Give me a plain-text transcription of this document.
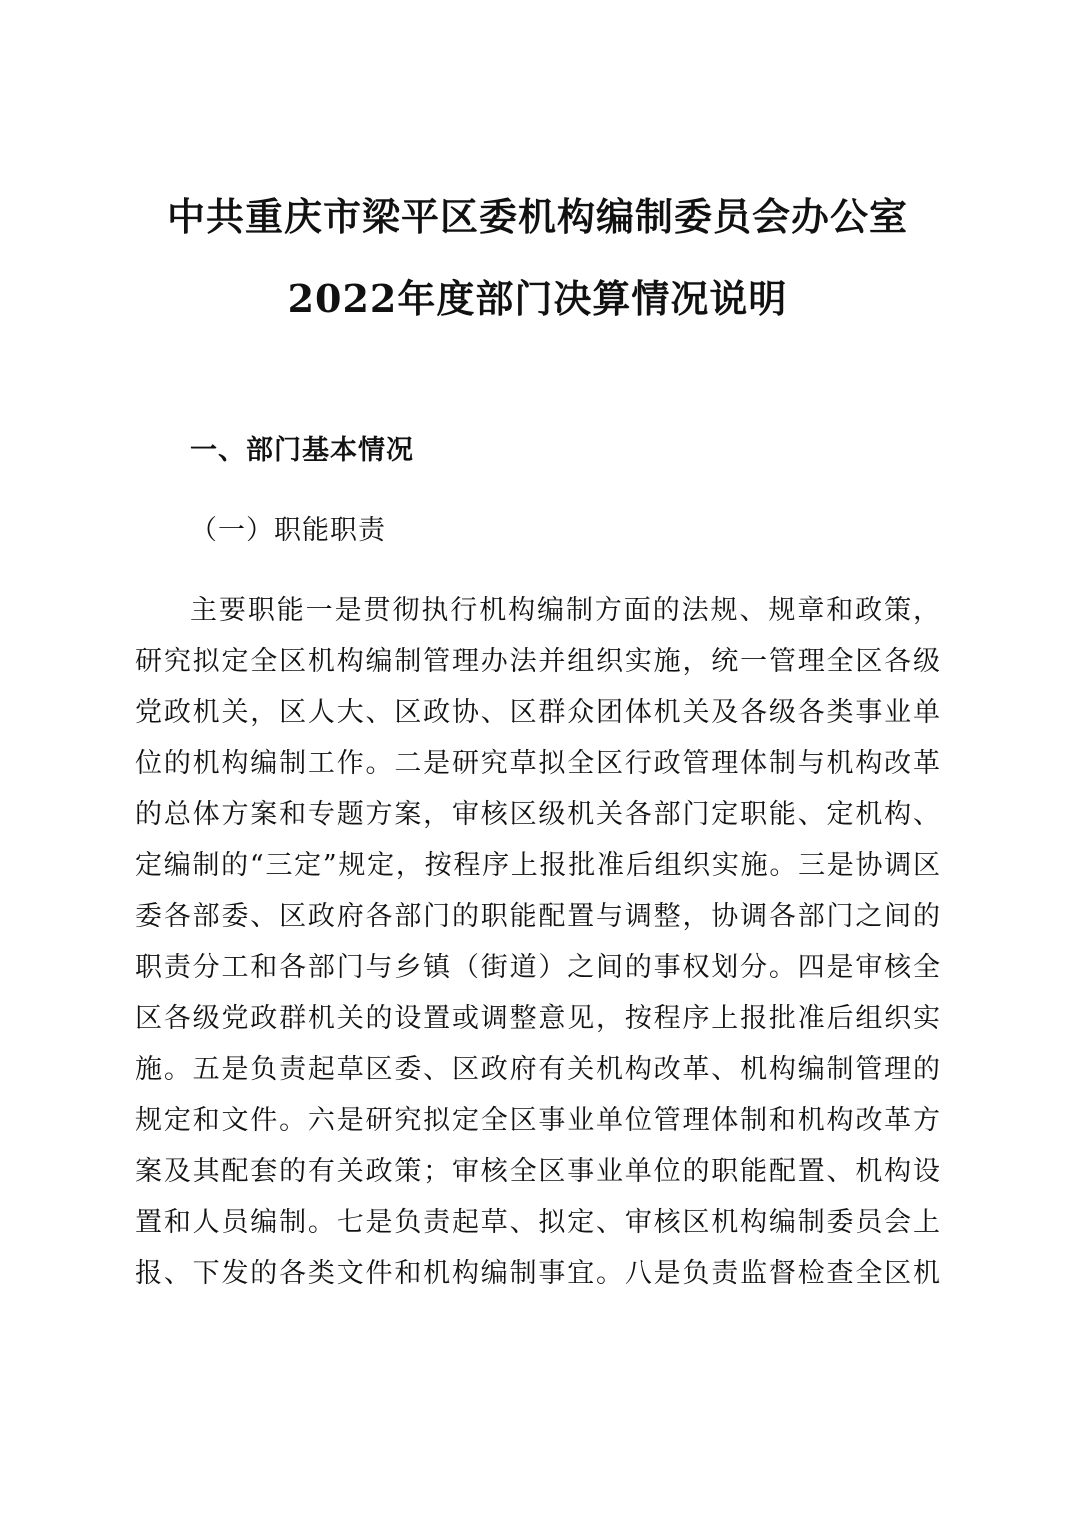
中共重庆市梁平区委机构编制委员会办公室
2022年度部门决算情况说明
一、部门基本情况
（一）职能职责
主要职能一是贯彻执行机构编制方面的法规、规章和政策，
研究拟定全区机构编制管理办法并组织实施，统一管理全区各级
党政机关，区人大、区政协、区群众团体机关及各级各类事业单
位的机构编制工作。二是研究草拟全区行政管理体制与机构改革
的总体方案和专题方案，审核区级机关各部门定职能、定机构、
定编制的“三定”规定，按程序上报批准后组织实施。三是协调区
委各部委、区政府各部门的职能配置与调整，协调各部门之间的
职责分工和各部门与乡镇（街道）之间的事权划分。四是审核全
区各级党政群机关的设置或调整意见，按程序上报批准后组织实
施。五是负责起草区委、区政府有关机构改革、机构编制管理的
规定和文件。六是研究拟定全区事业单位管理体制和机构改革方
案及其配套的有关政策；审核全区事业单位的职能配置、机构设
置和人员编制。七是负责起草、拟定、审核区机构编制委员会上
报、下发的各类文件和机构编制事宜。八是负责监督检查全区机
